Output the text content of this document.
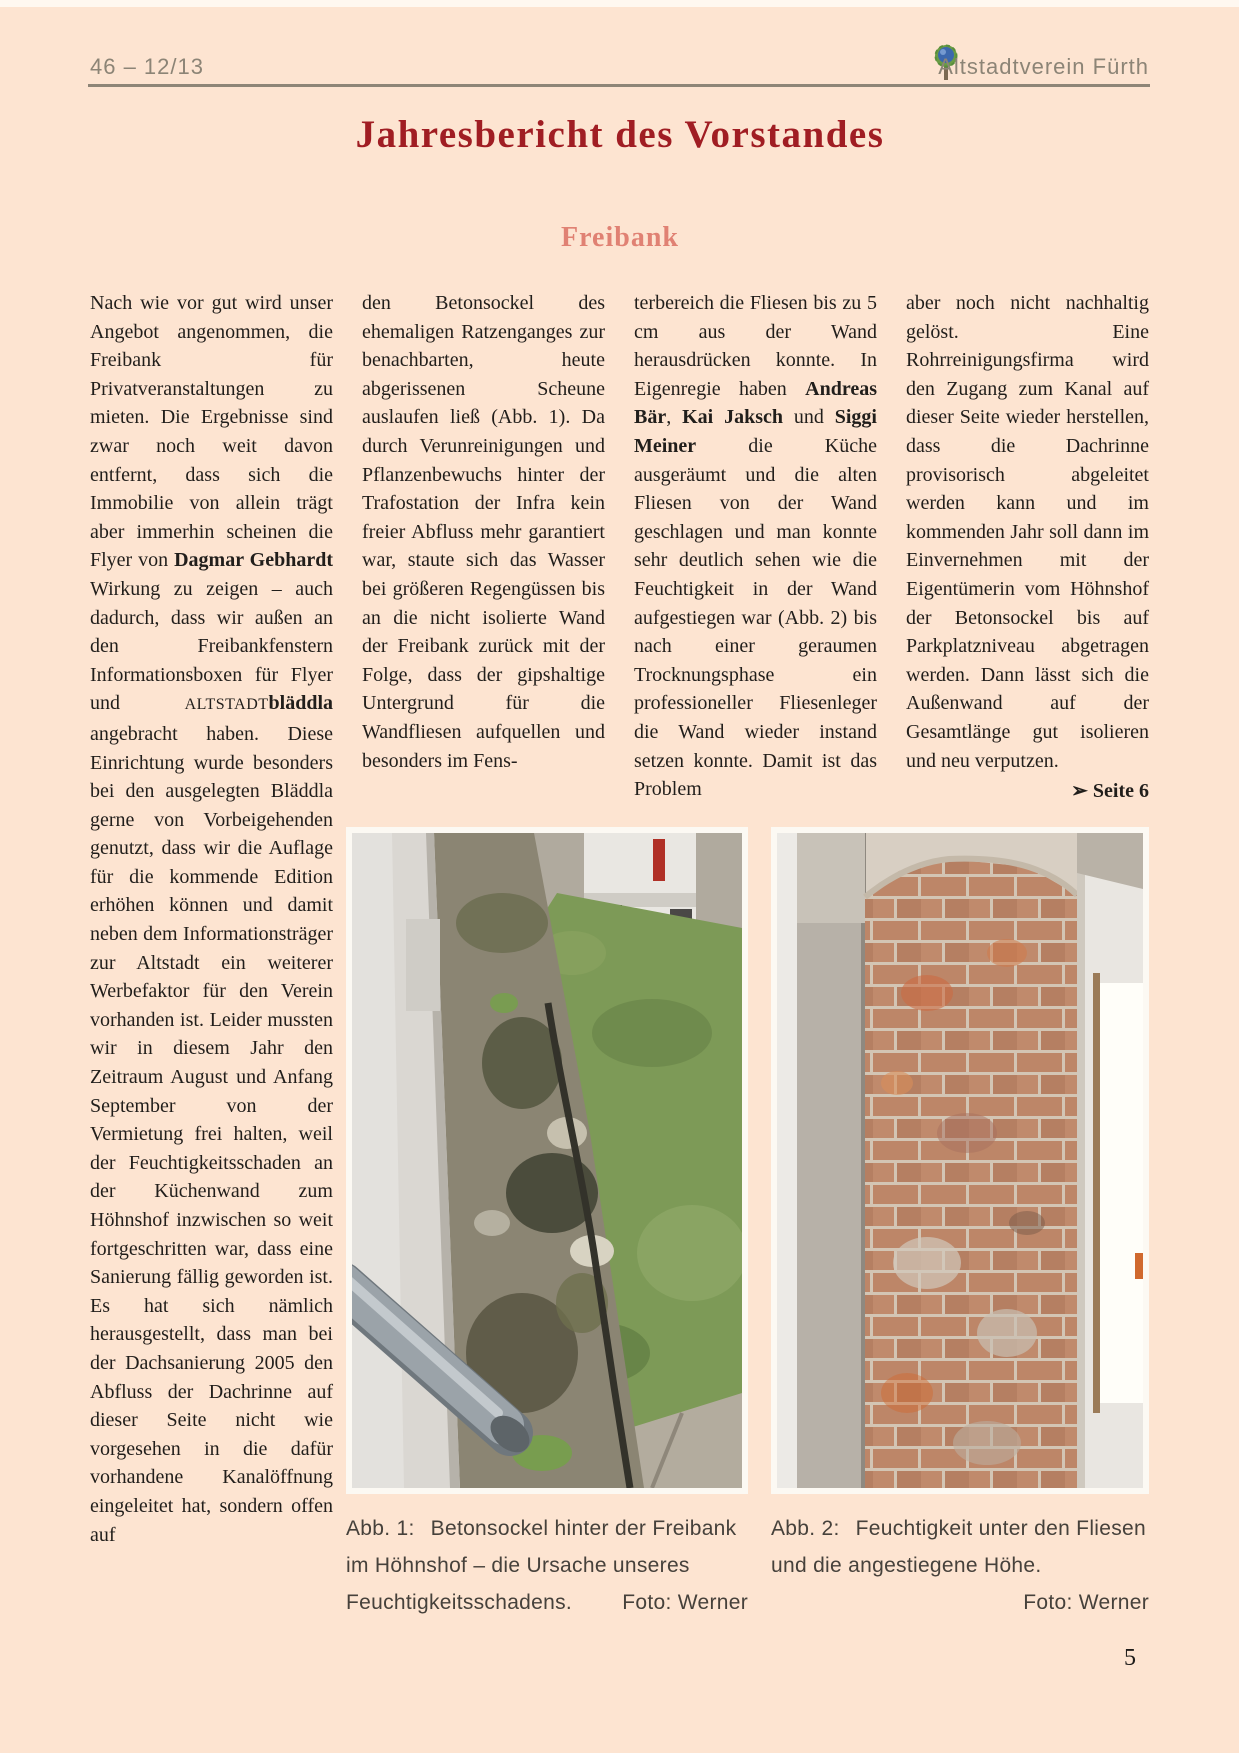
46 – 12/13	Altstadtverein Fürth
Jahresbericht des Vorstandes
Freibank

Nach wie vor gut wird unser Angebot angenommen, die Freibank für Privatveranstaltungen zu mieten. Die Ergebnisse sind zwar noch weit davon entfernt, dass sich die Immobilie von allein trägt aber immerhin scheinen die Flyer von Dagmar Gebhardt Wirkung zu zeigen – auch dadurch, dass wir außen an den Freibankfenstern Informationsboxen für Flyer und ALTSTADTbläddla angebracht haben. Diese Einrichtung wurde besonders bei den ausgelegten Bläddla gerne von Vorbeigehenden genutzt, dass wir die Auflage für die kommende Edition erhöhen können und damit neben dem Informationsträger zur Altstadt ein weiterer Werbefaktor für den Verein vorhanden ist. Leider mussten wir in diesem Jahr den Zeitraum August und Anfang September von der Vermietung frei halten, weil der Feuchtigkeitsschaden an der Küchenwand zum Höhnshof inzwischen so weit fortgeschritten war, dass eine Sanierung fällig geworden ist. Es hat sich nämlich herausgestellt, dass man bei der Dachsanierung 2005 den Abfluss der Dachrinne auf dieser Seite nicht wie vorgesehen in die dafür vorhandene Kanalöffnung eingeleitet hat, sondern offen auf

den Betonsockel des ehemaligen Ratzenganges zur benachbarten, heute abgerissenen Scheune auslaufen ließ (Abb. 1). Da durch Verunreinigungen und Pflanzenbewuchs hinter der Trafostation der Infra kein freier Abfluss mehr garantiert war, staute sich das Wasser bei größeren Regengüssen bis an die nicht isolierte Wand der Freibank zurück mit der Folge, dass der gipshaltige Untergrund für die Wandfliesen aufquellen und besonders im Fens-

terbereich die Fliesen bis zu 5 cm aus der Wand herausdrücken konnte. In Eigenregie haben Andreas Bär, Kai Jaksch und Siggi Meiner die Küche ausgeräumt und die alten Fliesen von der Wand geschlagen und man konnte sehr deutlich sehen wie die Feuchtigkeit in der Wand aufgestiegen war (Abb. 2) bis nach einer geraumen Trocknungsphase ein professioneller Fliesenleger die Wand wieder instand setzen konnte. Damit ist das Problem

aber noch nicht nachhaltig gelöst. Eine Rohrreinigungsfirma wird den Zugang zum Kanal auf dieser Seite wieder herstellen, dass die Dachrinne provisorisch abgeleitet werden kann und im kommenden Jahr soll dann im Einvernehmen mit der Eigentümerin vom Höhnshof der Betonsockel bis auf Parkplatzniveau abgetragen werden. Dann lässt sich die Außenwand auf der Gesamtlänge gut isolieren und neu verputzen.

➢ Seite 6
Abb. 1: Betonsockel hinter der Freibank im Höhnshof – die Ursache unseres Feuchtigkeitsschadens. Foto: Werner
Abb. 2: Feuchtigkeit unter den Fliesen und die angestiegene Höhe.
Foto: Werner
5
